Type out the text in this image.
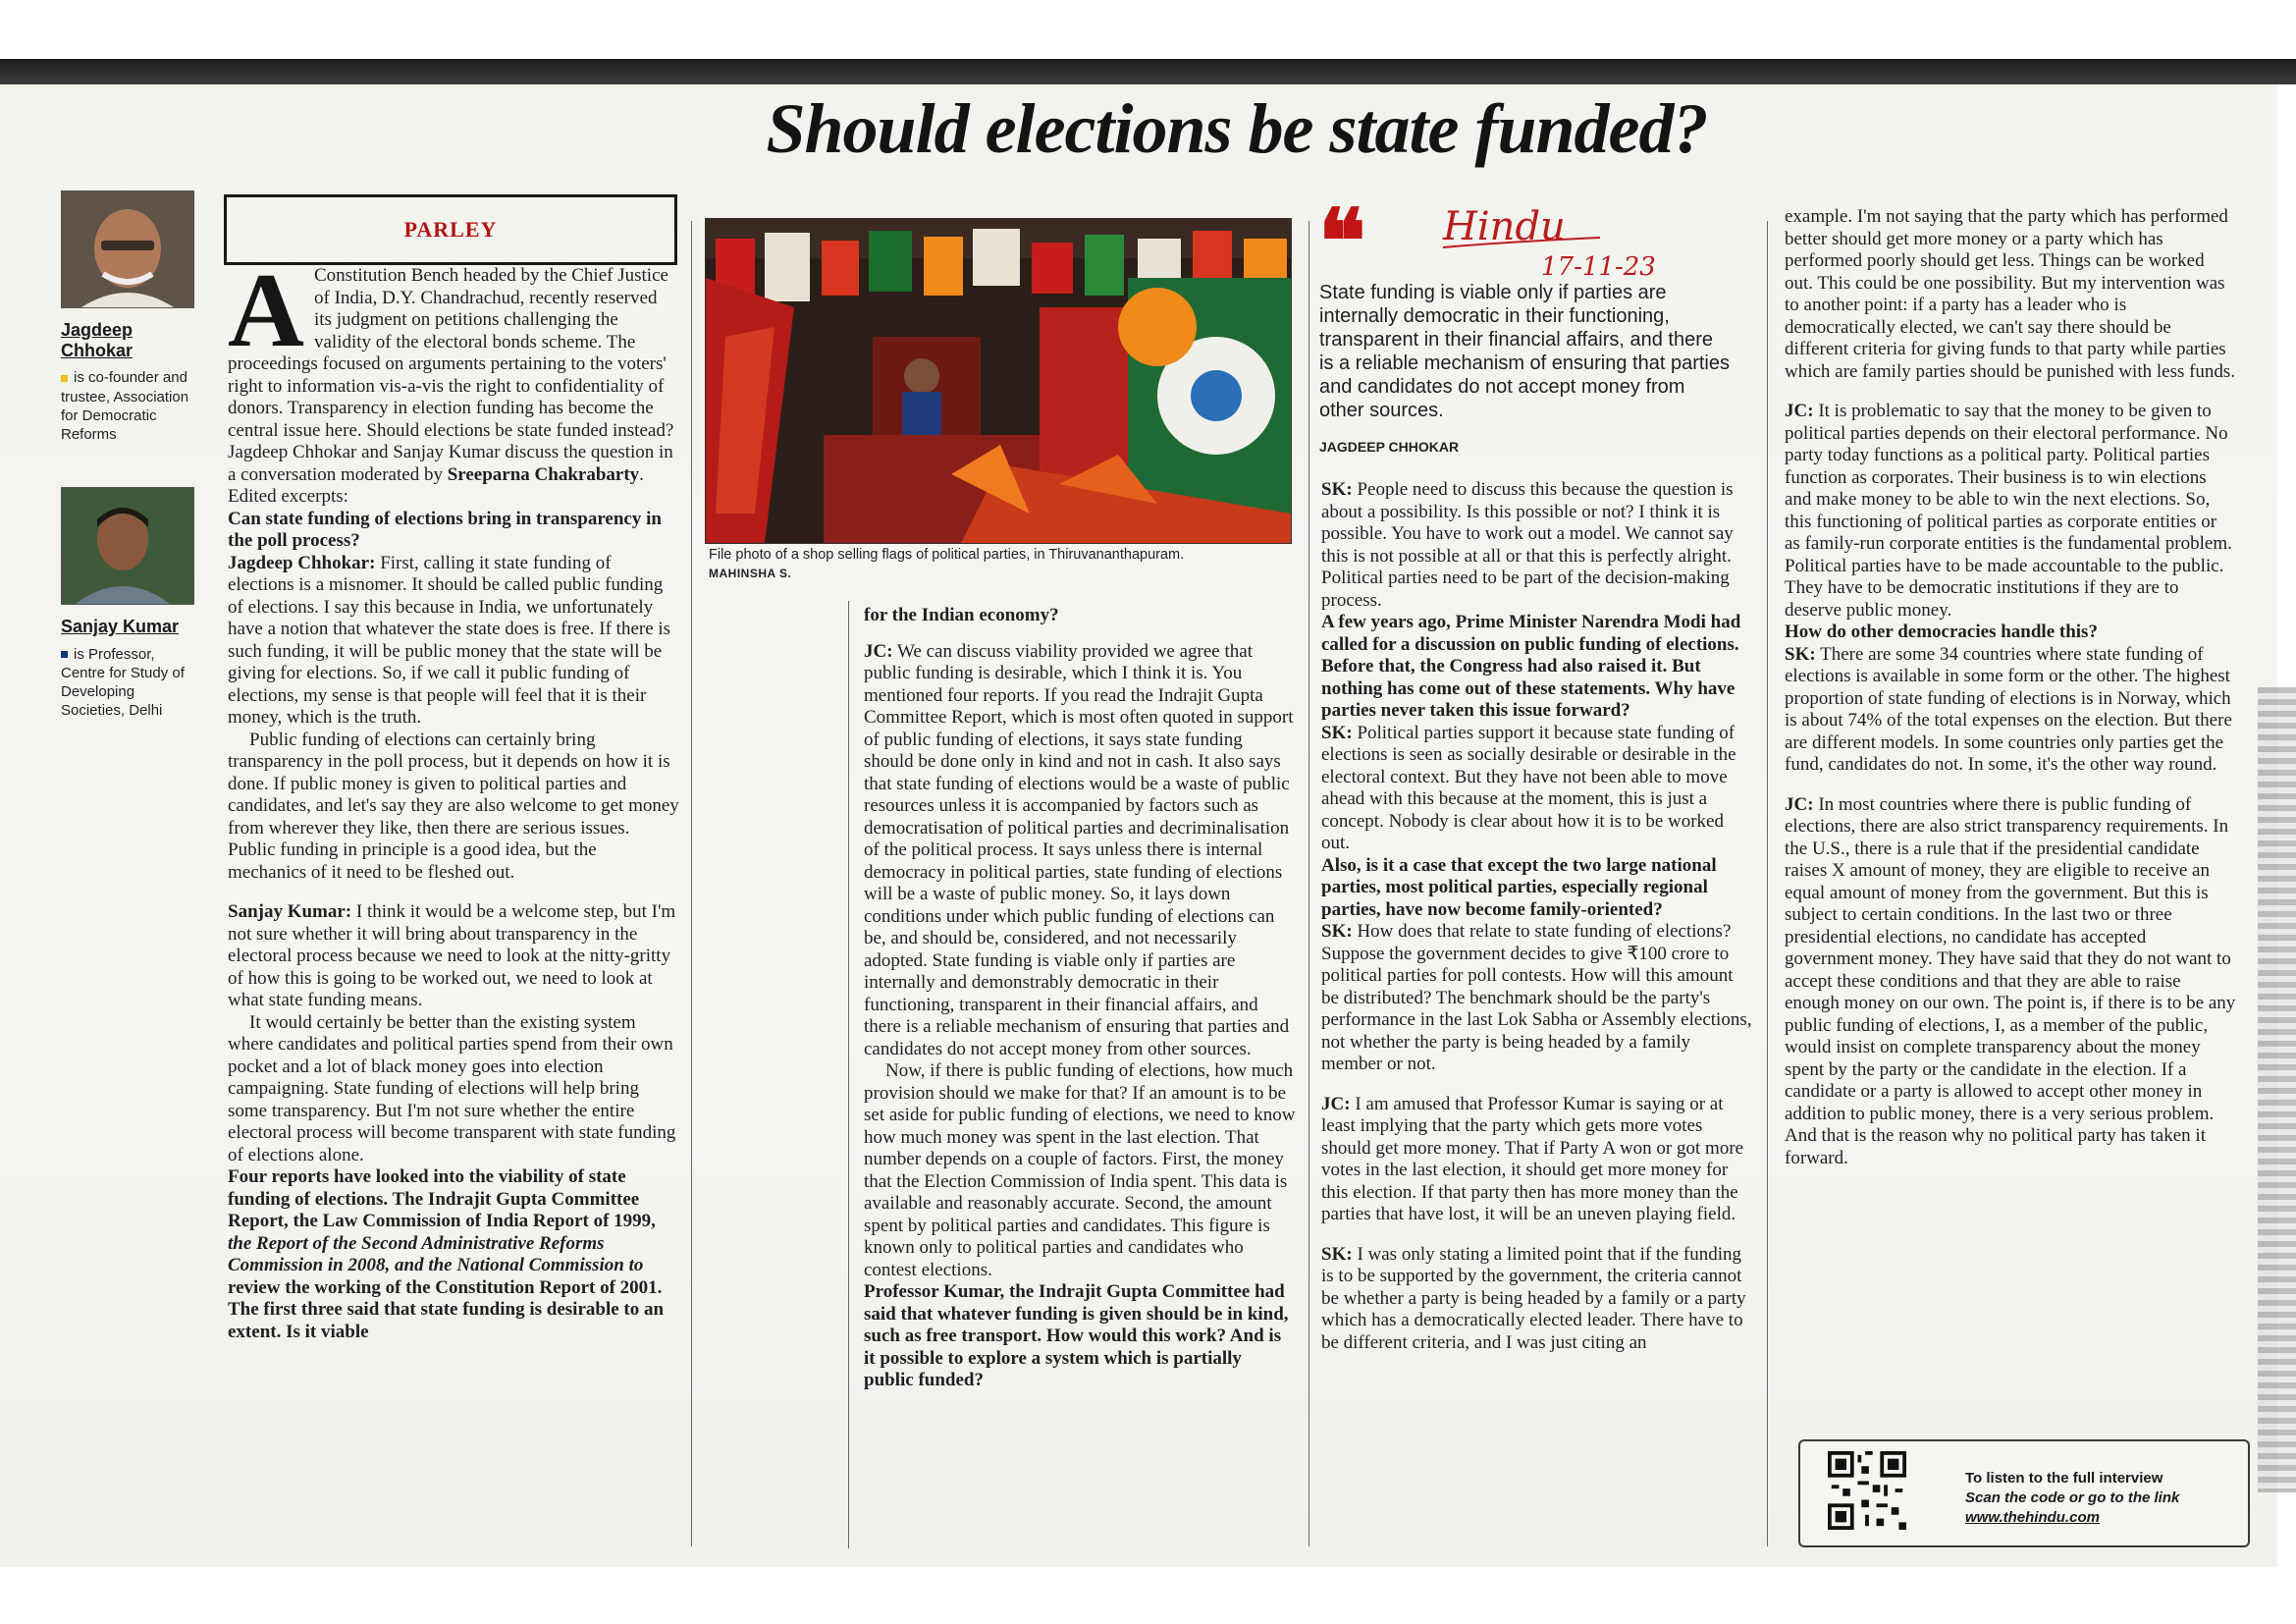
Should elections be state funded?
Jagdeep Chhokar
is co-founder and trustee, Association for Democratic Reforms
Sanjay Kumar
is Professor, Centre for Study of Developing Societies, Delhi
PARLEY

A Constitution Bench headed by the Chief Justice of India, D.Y. Chandrachud, recently reserved its judgment on petitions challenging the validity of the electoral bonds scheme. The proceedings focused on arguments pertaining to the voters' right to information vis-a-vis the right to confidentiality of donors. Transparency in election funding has become the central issue here. Should elections be state funded instead? Jagdeep Chhokar and Sanjay Kumar discuss the question in a conversation moderated by Sreeparna Chakrabarty. Edited excerpts:

Can state funding of elections bring in transparency in the poll process?

Jagdeep Chhokar: First, calling it state funding of elections is a misnomer. It should be called public funding of elections. I say this because in India, we unfortunately have a notion that whatever the state does is free. If there is such funding, it will be public money that the state will be giving for elections. So, if we call it public funding of elections, my sense is that people will feel that it is their money, which is the truth.

Public funding of elections can certainly bring transparency in the poll process, but it depends on how it is done. If public money is given to political parties and candidates, and let's say they are also welcome to get money from wherever they like, then there are serious issues. Public funding in principle is a good idea, but the mechanics of it need to be fleshed out.

Sanjay Kumar: I think it would be a welcome step, but I'm not sure whether it will bring about transparency in the electoral process because we need to look at the nitty-gritty of how this is going to be worked out, we need to look at what state funding means.

It would certainly be better than the existing system where candidates and political parties spend from their own pocket and a lot of black money goes into election campaigning. State funding of elections will help bring some transparency. But I'm not sure whether the entire electoral process will become transparent with state funding of elections alone.

Four reports have looked into the viability of state funding of elections. The Indrajit Gupta Committee Report, the Law Commission of India Report of 1999, the Report of the Second Administrative Reforms Commission in 2008, and the National Commission to review the working of the Constitution Report of 2001. The first three said that state funding is desirable to an extent. Is it viable

File photo of a shop selling flags of political parties, in Thiruvananthapuram.
MAHINSHA S.

for the Indian economy?

JC: We can discuss viability provided we agree that public funding is desirable, which I think it is. You mentioned four reports. If you read the Indrajit Gupta Committee Report, which is most often quoted in support of public funding of elections, it says state funding should be done only in kind and not in cash. It also says that state funding of elections would be a waste of public resources unless it is accompanied by factors such as democratisation of political parties and decriminalisation of the political process. It says unless there is internal democracy in political parties, state funding of elections will be a waste of public money. So, it lays down conditions under which public funding of elections can be, and should be, considered, and not necessarily adopted. State funding is viable only if parties are internally and demonstrably democratic in their functioning, transparent in their financial affairs, and there is a reliable mechanism of ensuring that parties and candidates do not accept money from other sources.

Now, if there is public funding of elections, how much provision should we make for that? If an amount is to be set aside for public funding of elections, we need to know how much money was spent in the last election. That number depends on a couple of factors. First, the money that the Election Commission of India spent. This data is available and reasonably accurate. Second, the amount spent by political parties and candidates. This figure is known only to political parties and candidates who contest elections.

Professor Kumar, the Indrajit Gupta Committee had said that whatever funding is given should be in kind, such as free transport. How would this work? And is it possible to explore a system which is partially public funded?

❝ Hindu
17-11-23
State funding is viable only if parties are internally democratic in their functioning, transparent in their financial affairs, and there is a reliable mechanism of ensuring that parties and candidates do not accept money from other sources.
JAGDEEP CHHOKAR

SK: People need to discuss this because the question is about a possibility. Is this possible or not? I think it is possible. You have to work out a model. We cannot say this is not possible at all or that this is perfectly alright. Political parties need to be part of the decision-making process.

A few years ago, Prime Minister Narendra Modi had called for a discussion on public funding of elections. Before that, the Congress had also raised it. But nothing has come out of these statements. Why have parties never taken this issue forward?

SK: Political parties support it because state funding of elections is seen as socially desirable or desirable in the electoral context. But they have not been able to move ahead with this because at the moment, this is just a concept. Nobody is clear about how it is to be worked out.

Also, is it a case that except the two large national parties, most political parties, especially regional parties, have now become family-oriented?

SK: How does that relate to state funding of elections? Suppose the government decides to give ₹100 crore to political parties for poll contests. How will this amount be distributed? The benchmark should be the party's performance in the last Lok Sabha or Assembly elections, not whether the party is being headed by a family member or not.

JC: I am amused that Professor Kumar is saying or at least implying that the party which gets more votes should get more money. That if Party A won or got more votes in the last election, it should get more money for this election. If that party then has more money than the parties that have lost, it will be an uneven playing field.

SK: I was only stating a limited point that if the funding is to be supported by the government, the criteria cannot be whether a party is being headed by a family or a party which has a democratically elected leader. There have to be different criteria, and I was just citing an

example. I'm not saying that the party which has performed better should get more money or a party which has performed poorly should get less. Things can be worked out. This could be one possibility. But my intervention was to another point: if a party has a leader who is democratically elected, we can't say there should be different criteria for giving funds to that party while parties which are family parties should be punished with less funds.

JC: It is problematic to say that the money to be given to political parties depends on their electoral performance. No party today functions as a political party. Political parties function as corporates. Their business is to win elections and make money to be able to win the next elections. So, this functioning of political parties as corporate entities or as family-run corporate entities is the fundamental problem. Political parties have to be made accountable to the public. They have to be democratic institutions if they are to deserve public money.

How do other democracies handle this?

SK: There are some 34 countries where state funding of elections is available in some form or the other. The highest proportion of state funding of elections is in Norway, which is about 74% of the total expenses on the election. But there are different models. In some countries only parties get the fund, candidates do not. In some, it's the other way round.

JC: In most countries where there is public funding of elections, there are also strict transparency requirements. In the U.S., there is a rule that if the presidential candidate raises X amount of money, they are eligible to receive an equal amount of money from the government. But this is subject to certain conditions. In the last two or three presidential elections, no candidate has accepted government money. They have said that they do not want to accept these conditions and that they are able to raise enough money on our own. The point is, if there is to be any public funding of elections, I, as a member of the public, would insist on complete transparency about the money spent by the party or the candidate in the election. If a candidate or a party is allowed to accept other money in addition to public money, there is a very serious problem. And that is the reason why no political party has taken it forward.

To listen to the full interview
Scan the code or go to the link
www.thehindu.com
